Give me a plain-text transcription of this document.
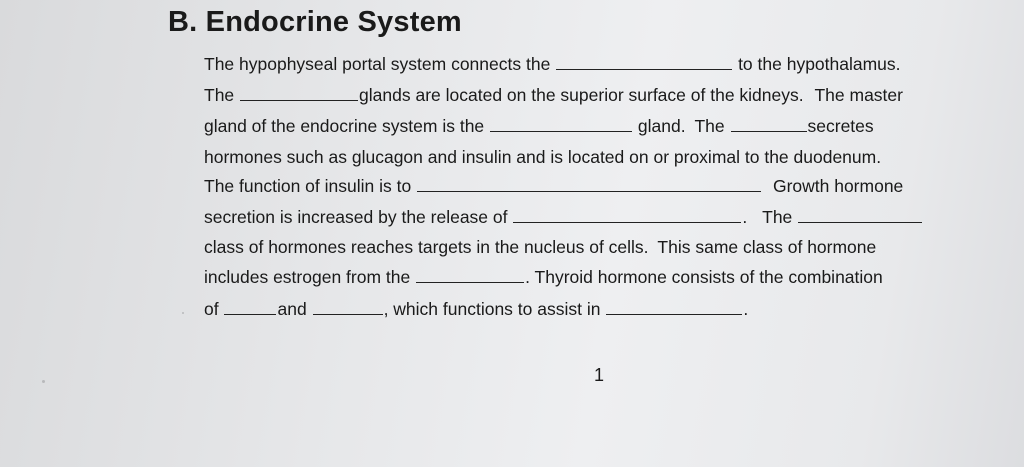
B. Endocrine System
The hypophyseal portal system connects the	to the hypothalamus.
The	glands are located on the superior surface of the kidneys. The master
gland of the endocrine system is the	gland. The	secretes
hormones such as glucagon and insulin and is located on or proximal to the duodenum.
The function of insulin is to	Growth hormone
secretion is increased by the release of	. The
class of hormones reaches targets in the nucleus of cells. This same class of hormone
includes estrogen from the	. Thyroid hormone consists of the combination
of	and	, which functions to assist in	.
1
